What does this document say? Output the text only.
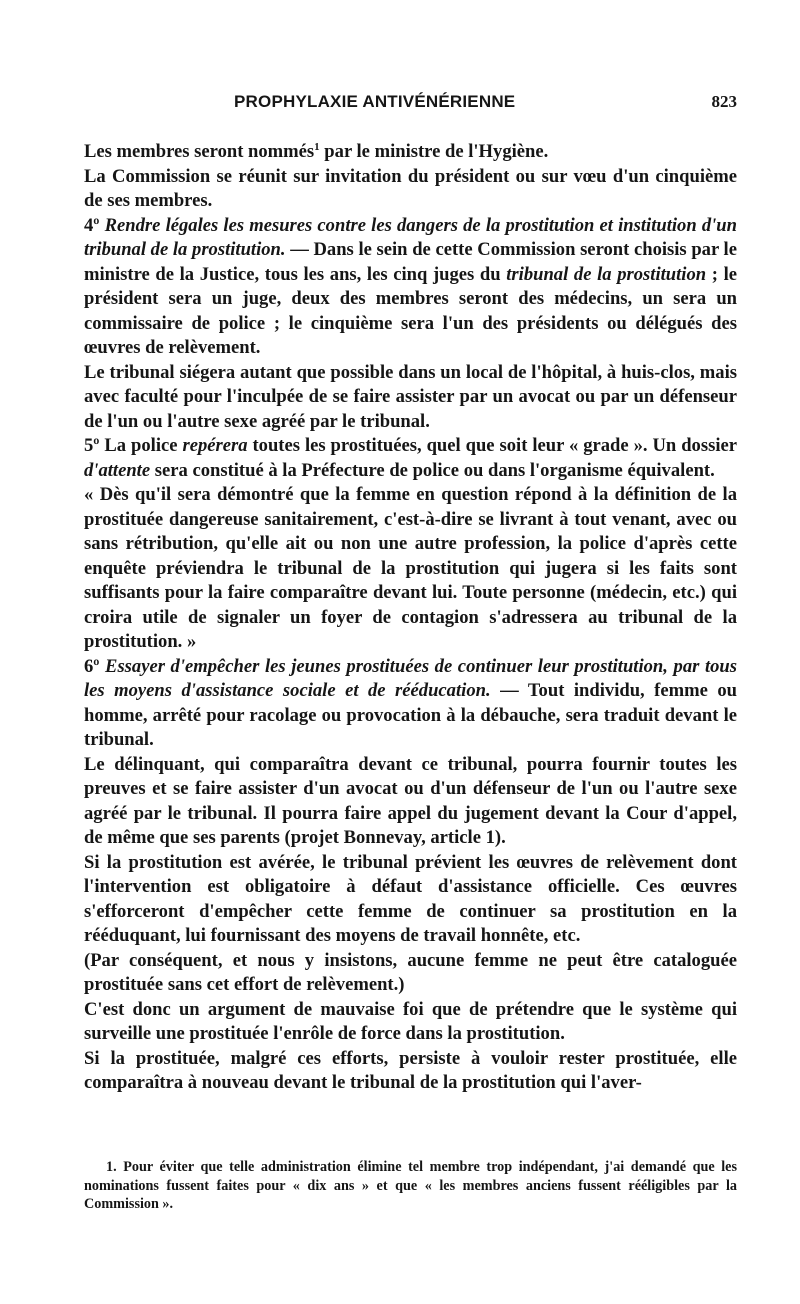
PROPHYLAXIE ANTIVÉNÉRIENNE	823

Les membres seront nommés$^1$ par le ministre de l'Hygiène.

La Commission se réunit sur invitation du président ou sur vœu d'un cinquième de ses membres.

4º Rendre légales les mesures contre les dangers de la prostitution et institution d'un tribunal de la prostitution. — Dans le sein de cette Commission seront choisis par le ministre de la Justice, tous les ans, les cinq juges du tribunal de la prostitution ; le président sera un juge, deux des membres seront des médecins, un sera un commissaire de police ; le cinquième sera l'un des présidents ou délégués des œuvres de relèvement.

Le tribunal siégera autant que possible dans un local de l'hôpital, à huis-clos, mais avec faculté pour l'inculpée de se faire assister par un avocat ou par un défenseur de l'un ou l'autre sexe agréé par le tribunal.

5º La police repérera toutes les prostituées, quel que soit leur « grade ». Un dossier d'attente sera constitué à la Préfecture de police ou dans l'organisme équivalent.

« Dès qu'il sera démontré que la femme en question répond à la définition de la prostituée dangereuse sanitairement, c'est-à-dire se livrant à tout venant, avec ou sans rétribution, qu'elle ait ou non une autre profession, la police d'après cette enquête préviendra le tribunal de la prostitution qui jugera si les faits sont suffisants pour la faire comparaître devant lui. Toute personne (médecin, etc.) qui croira utile de signaler un foyer de contagion s'adressera au tribunal de la prostitution. »

6º Essayer d'empêcher les jeunes prostituées de continuer leur prostitution, par tous les moyens d'assistance sociale et de rééducation. — Tout individu, femme ou homme, arrêté pour racolage ou provocation à la débauche, sera traduit devant le tribunal.

Le délinquant, qui comparaîtra devant ce tribunal, pourra fournir toutes les preuves et se faire assister d'un avocat ou d'un défenseur de l'un ou l'autre sexe agréé par le tribunal. Il pourra faire appel du jugement devant la Cour d'appel, de même que ses parents (projet Bonnevay, article 1).

Si la prostitution est avérée, le tribunal prévient les œuvres de relèvement dont l'intervention est obligatoire à défaut d'assistance officielle. Ces œuvres s'efforceront d'empêcher cette femme de continuer sa prostitution en la rééduquant, lui fournissant des moyens de travail honnête, etc.

(Par conséquent, et nous y insistons, aucune femme ne peut être cataloguée prostituée sans cet effort de relèvement.)

C'est donc un argument de mauvaise foi que de prétendre que le système qui surveille une prostituée l'enrôle de force dans la prostitution.

Si la prostituée, malgré ces efforts, persiste à vouloir rester prostituée, elle comparaîtra à nouveau devant le tribunal de la prostitution qui l'aver-

1. Pour éviter que telle administration élimine tel membre trop indépendant, j'ai demandé que les nominations fussent faites pour « dix ans » et que « les membres anciens fussent rééligibles par la Commission ».
